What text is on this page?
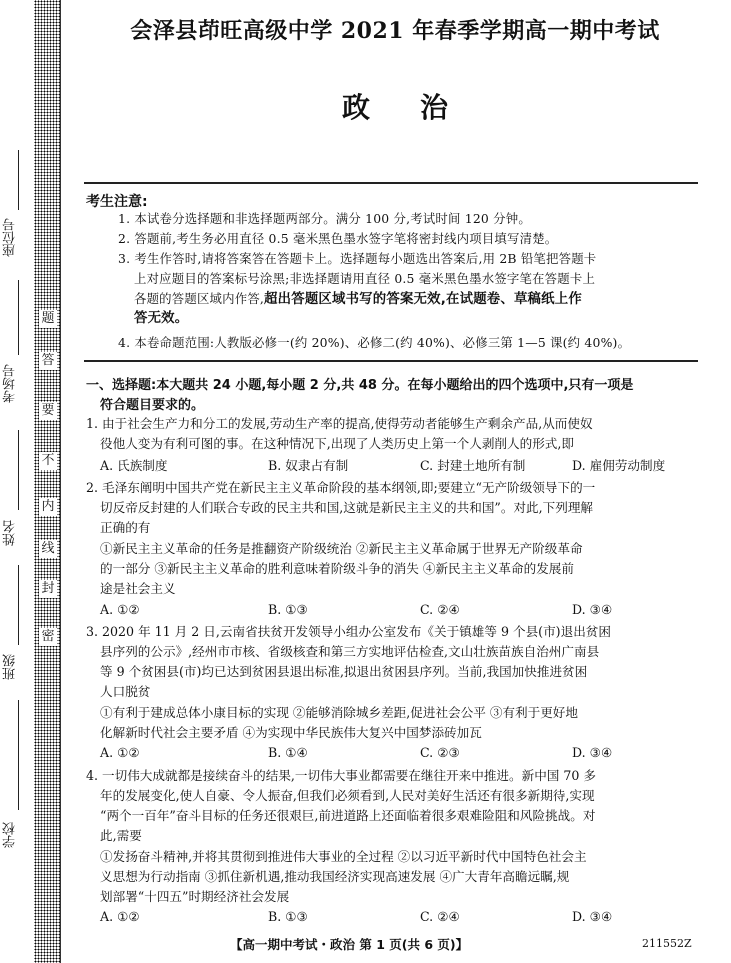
题
答
要
不
内
线
封
密
座位号
考场号
姓名
班级
学校
会泽县茚旺高级中学 2021 年春季学期高一期中考试
政治
考生注意:
1. 本试卷分选择题和非选择题两部分。满分 100 分,考试时间 120 分钟。
2. 答题前,考生务必用直径 0.5 毫米黑色墨水签字笔将密封线内项目填写清楚。
3. 考生作答时,请将答案答在答题卡上。选择题每小题选出答案后,用 2B 铅笔把答题卡
上对应题目的答案标号涂黑;非选择题请用直径 0.5 毫米黑色墨水签字笔在答题卡上
各题的答题区域内作答,超出答题区域书写的答案无效,在试题卷、草稿纸上作
答无效。
4. 本卷命题范围:人教版必修一(约 20%)、必修二(约 40%)、必修三第 1—5 课(约 40%)。
一、选择题:本大题共 24 小题,每小题 2 分,共 48 分。在每小题给出的四个选项中,只有一项是
符合题目要求的。
1. 由于社会生产力和分工的发展,劳动生产率的提高,使得劳动者能够生产剩余产品,从而使奴
役他人变为有利可图的事。在这种情况下,出现了人类历史上第一个人剥削人的形式,即
A. 氏族制度	B. 奴隶占有制	C. 封建土地所有制	D. 雇佣劳动制度
2. 毛泽东阐明中国共产党在新民主主义革命阶段的基本纲领,即;要建立“无产阶级领导下的一
切反帝反封建的人们联合专政的民主共和国,这就是新民主主义的共和国”。对此,下列理解
正确的有
①新民主主义革命的任务是推翻资产阶级统治 ②新民主主义革命属于世界无产阶级革命
的一部分 ③新民主主义革命的胜利意味着阶级斗争的消失 ④新民主主义革命的发展前
途是社会主义
A. ①②	B. ①③	C. ②④	D. ③④
3. 2020 年 11 月 2 日,云南省扶贫开发领导小组办公室发布《关于镇雄等 9 个县(市)退出贫困
县序列的公示》,经州市市核、省级核查和第三方实地评估检查,文山壮族苗族自治州广南县
等 9 个贫困县(市)均已达到贫困县退出标准,拟退出贫困县序列。当前,我国加快推进贫困
人口脱贫
①有利于建成总体小康目标的实现 ②能够消除城乡差距,促进社会公平 ③有利于更好地
化解新时代社会主要矛盾 ④为实现中华民族伟大复兴中国梦添砖加瓦
A. ①②	B. ①④	C. ②③	D. ③④
4. 一切伟大成就都是接续奋斗的结果,一切伟大事业都需要在继往开来中推进。新中国 70 多
年的发展变化,使人自豪、令人振奋,但我们必须看到,人民对美好生活还有很多新期待,实现
“两个一百年”奋斗目标的任务还很艰巨,前进道路上还面临着很多艰难险阻和风险挑战。对
此,需要
①发扬奋斗精神,并将其贯彻到推进伟大事业的全过程 ②以习近平新时代中国特色社会主
义思想为行动指南 ③抓住新机遇,推动我国经济实现高速发展 ④广大青年高瞻远瞩,规
划部署“十四五”时期经济社会发展
A. ①②	B. ①③	C. ②④	D. ③④
【高一期中考试・政治 第 1 页(共 6 页)】	211552Z
